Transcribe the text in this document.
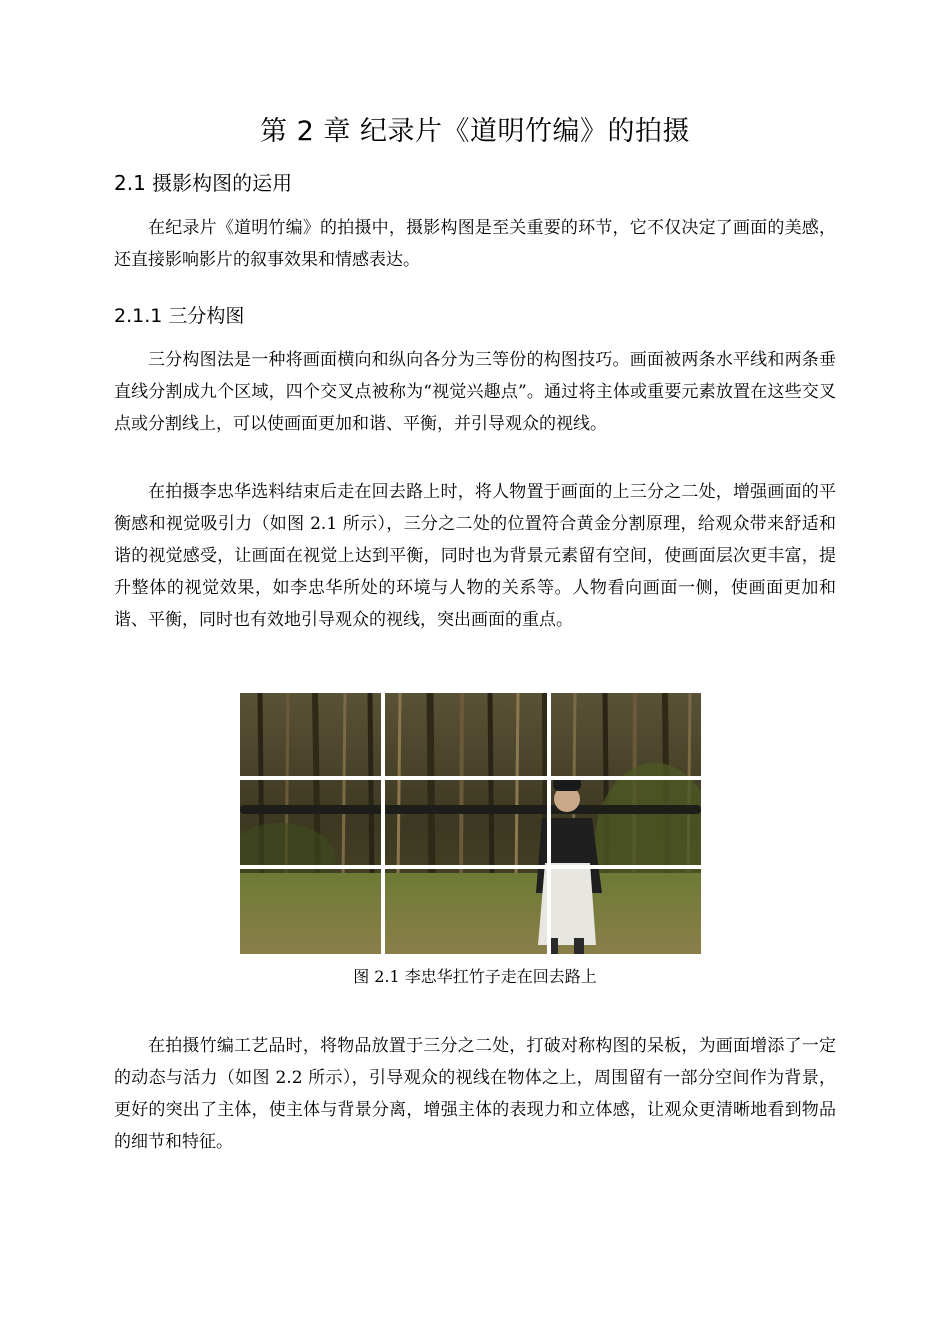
第 2 章 纪录片《道明竹编》的拍摄
2.1 摄影构图的运用

在纪录片《道明竹编》的拍摄中，摄影构图是至关重要的环节，它不仅决定了画面的美感，还直接影响影片的叙事效果和情感表达。

2.1.1 三分构图

三分构图法是一种将画面横向和纵向各分为三等份的构图技巧。画面被两条水平线和两条垂直线分割成九个区域，四个交叉点被称为“视觉兴趣点”。通过将主体或重要元素放置在这些交叉点或分割线上，可以使画面更加和谐、平衡，并引导观众的视线。

在拍摄李忠华选料结束后走在回去路上时，将人物置于画面的上三分之二处，增强画面的平衡感和视觉吸引力（如图 2.1 所示），三分之二处的位置符合黄金分割原理，给观众带来舒适和谐的视觉感受，让画面在视觉上达到平衡，同时也为背景元素留有空间，使画面层次更丰富，提升整体的视觉效果，如李忠华所处的环境与人物的关系等。人物看向画面一侧，使画面更加和谐、平衡，同时也有效地引导观众的视线，突出画面的重点。

图 2.1 李忠华扛竹子走在回去路上

在拍摄竹编工艺品时，将物品放置于三分之二处，打破对称构图的呆板，为画面增添了一定的动态与活力（如图 2.2 所示），引导观众的视线在物体之上，周围留有一部分空间作为背景，更好的突出了主体，使主体与背景分离，增强主体的表现力和立体感，让观众更清晰地看到物品的细节和特征。
